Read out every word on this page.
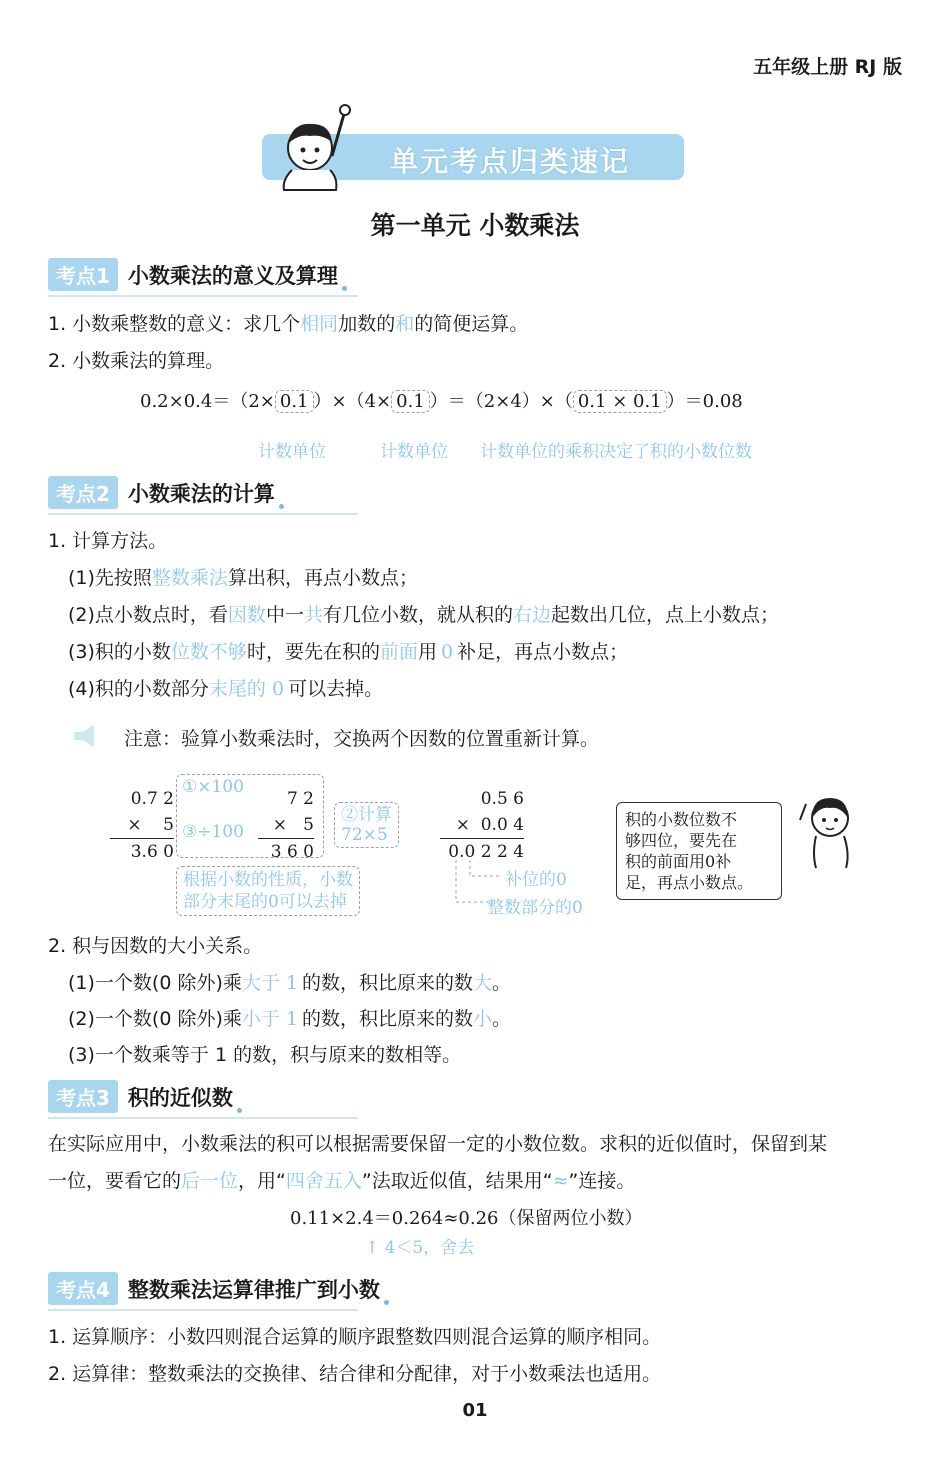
五年级上册 RJ 版
单元考点归类速记
第一单元 小数乘法
考点1 小数乘法的意义及算理
1. 小数乘整数的意义：求几个相同加数的和的简便运算。
2. 小数乘法的算理。
0.2×0.4＝（2× 0.1 ）×（4× 0.1 ）＝（2×4）×（ 0.1 × 0.1 ）＝0.08
计数单位	计数单位 计数单位的乘积决定了积的小数位数
考点2 小数乘法的计算
1. 计算方法。
(1)先按照整数乘法算出积，再点小数点；
(2)点小数点时，看因数中一共有几位小数，就从积的右边起数出几位，点上小数点；
(3)积的小数位数不够时，要先在积的前面用 0 补足，再点小数点；
(4)积的小数部分末尾的 0 可以去掉。
注意：验算小数乘法时，交换两个因数的位置重新计算。
0.7 2
×    5
3.6 0
①×100
③÷100
7 2
×   5
3 6 0
②计算
72×5
根据小数的性质，小数
部分末尾的0可以去掉
0.5 6
×  0.0 4
0.0 2 2 4
补位的0
整数部分的0
积的小数位数不
够四位，要先在
积的前面用0补
足，再点小数点。
2. 积与因数的大小关系。
(1)一个数(0 除外)乘大于 1 的数，积比原来的数大。
(2)一个数(0 除外)乘小于 1 的数，积比原来的数小。
(3)一个数乘等于 1 的数，积与原来的数相等。
考点3 积的近似数
在实际应用中，小数乘法的积可以根据需要保留一定的小数位数。求积的近似值时，保留到某
一位，要看它的后一位，用“四舍五入”法取近似值，结果用“≈”连接。
0.11×2.4＝0.264≈0.26（保留两位小数）
↑ 4＜5，舍去
考点4 整数乘法运算律推广到小数
1. 运算顺序：小数四则混合运算的顺序跟整数四则混合运算的顺序相同。
2. 运算律：整数乘法的交换律、结合律和分配律，对于小数乘法也适用。
01
